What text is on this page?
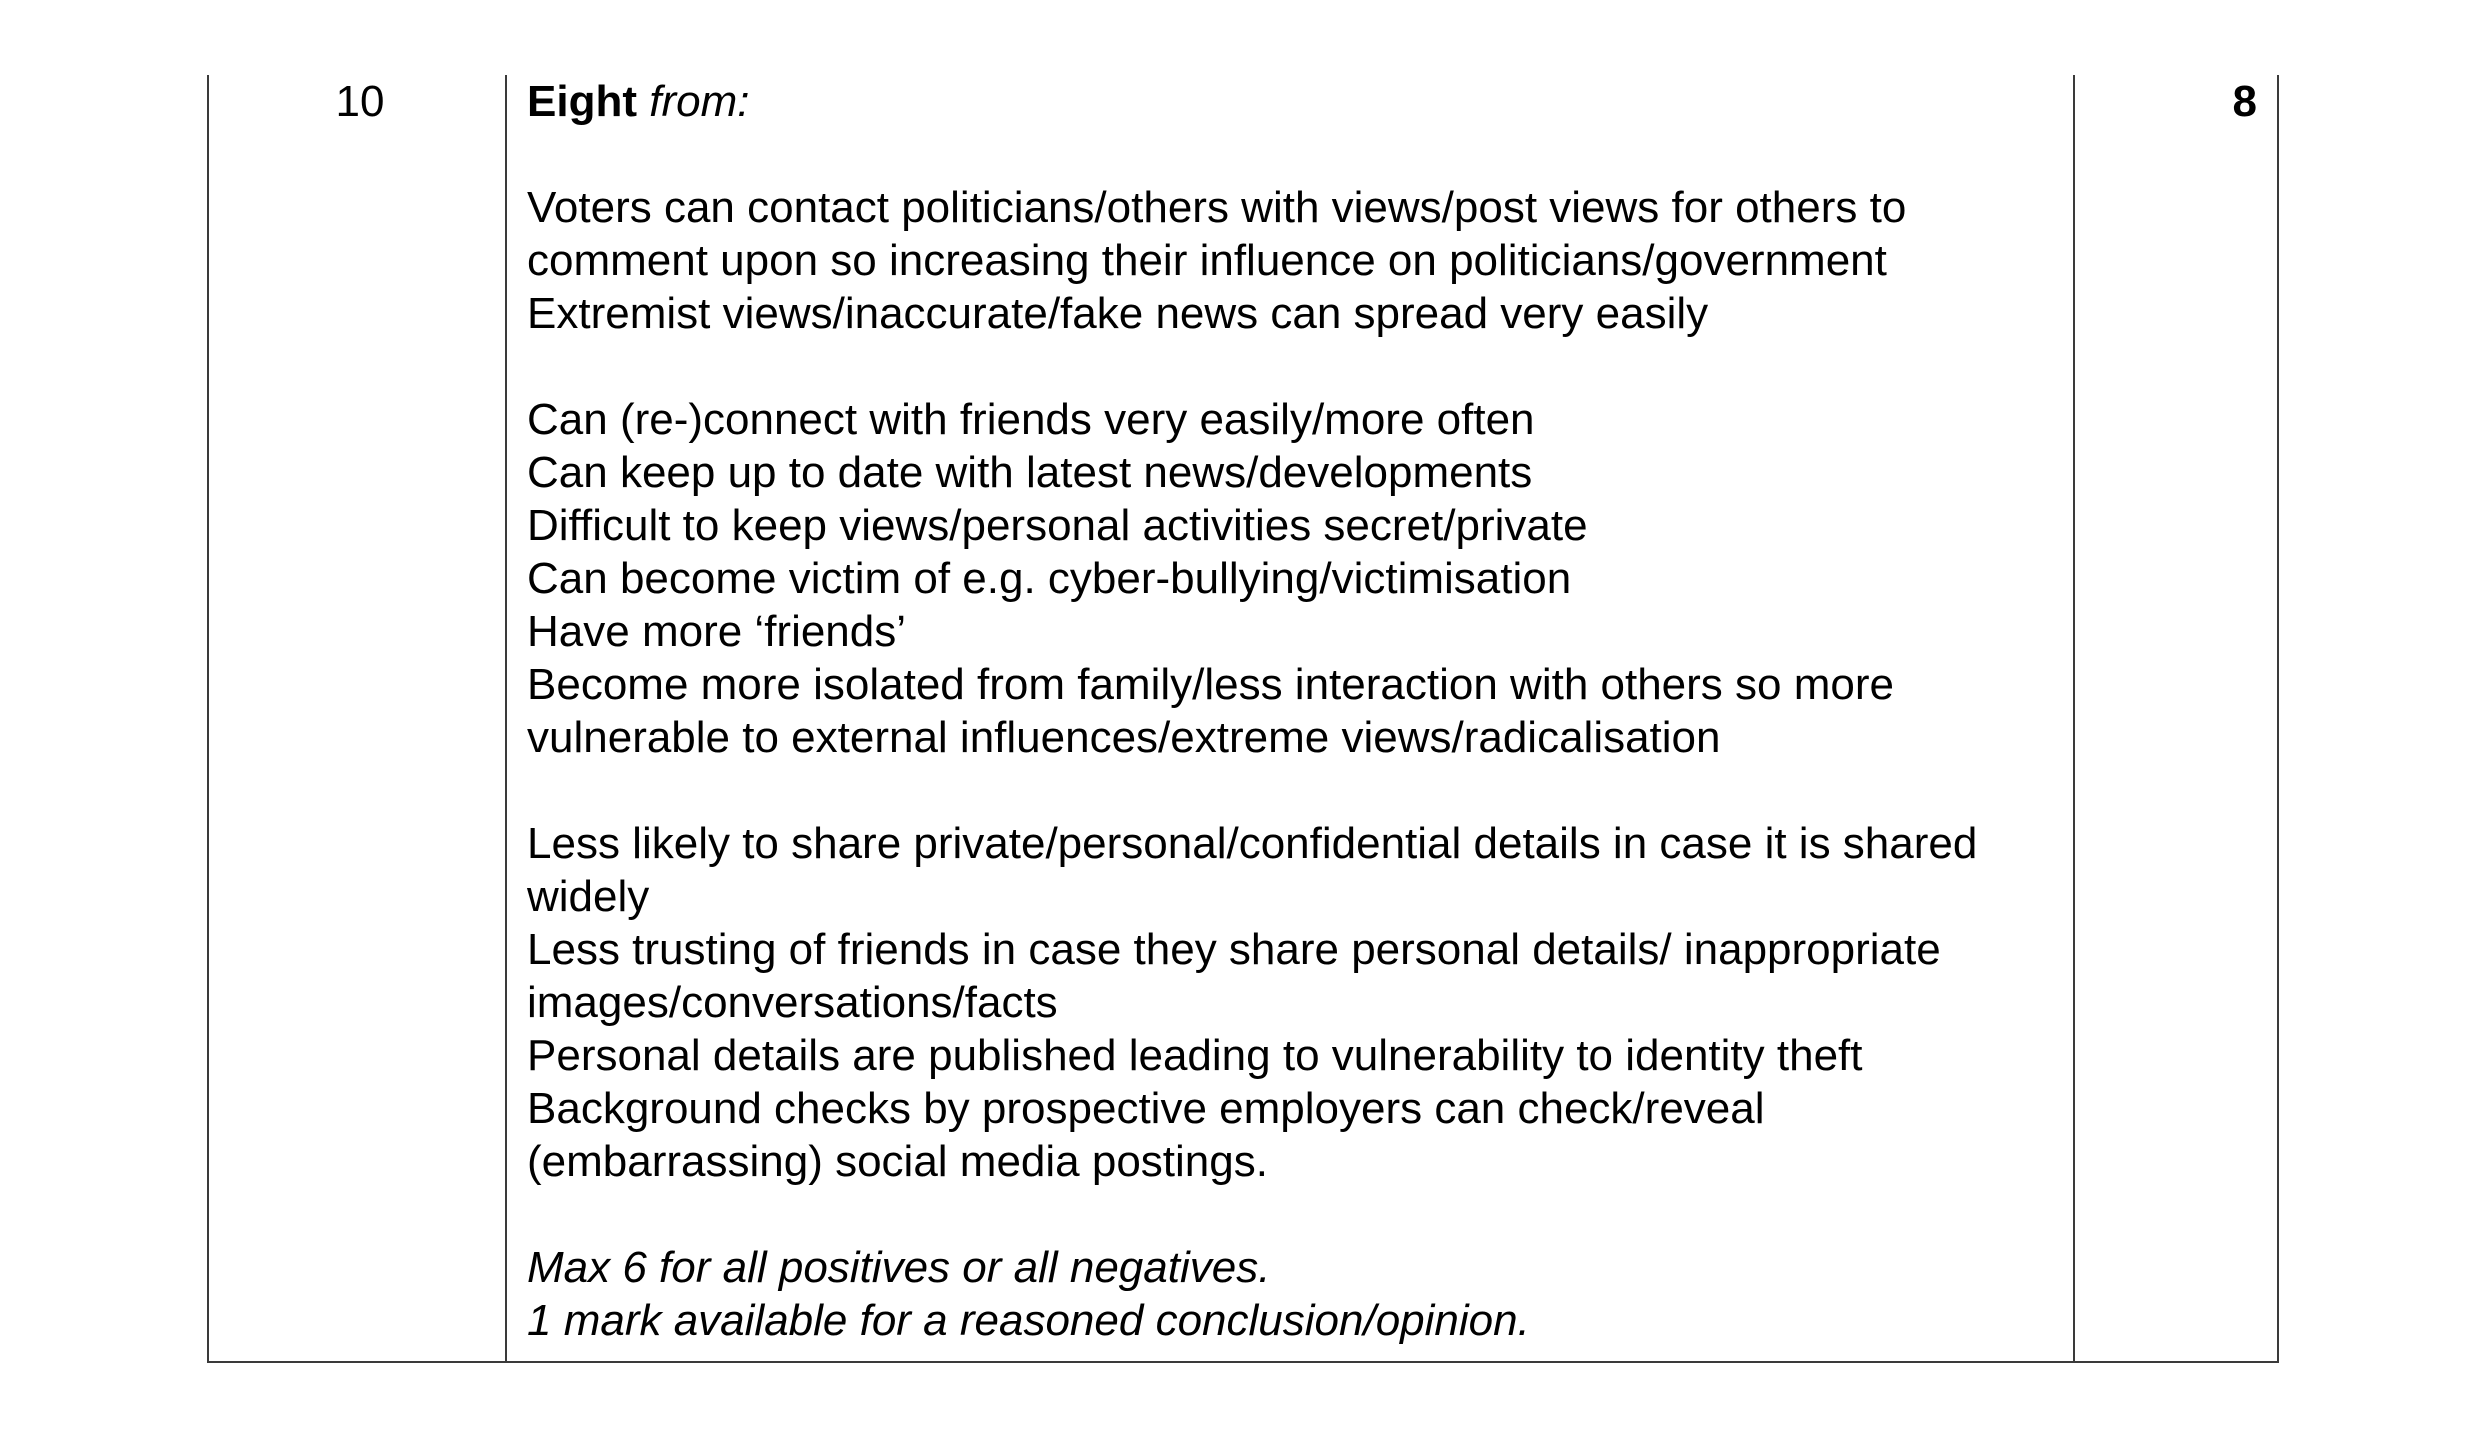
10	Eight from:
Voters can contact politicians/others with views/post views for others to
comment upon so increasing their influence on politicians/government
Extremist views/inaccurate/fake news can spread very easily
Can (re-)connect with friends very easily/more often
Can keep up to date with latest news/developments
Difficult to keep views/personal activities secret/private
Can become victim of e.g. cyber-bullying/victimisation
Have more ‘friends’
Become more isolated from family/less interaction with others so more
vulnerable to external influences/extreme views/radicalisation
Less likely to share private/personal/confidential details in case it is shared
widely
Less trusting of friends in case they share personal details/ inappropriate
images/conversations/facts
Personal details are published leading to vulnerability to identity theft
Background checks by prospective employers can check/reveal
(embarrassing) social media postings.
Max 6 for all positives or all negatives.
1 mark available for a reasoned conclusion/opinion.
8
